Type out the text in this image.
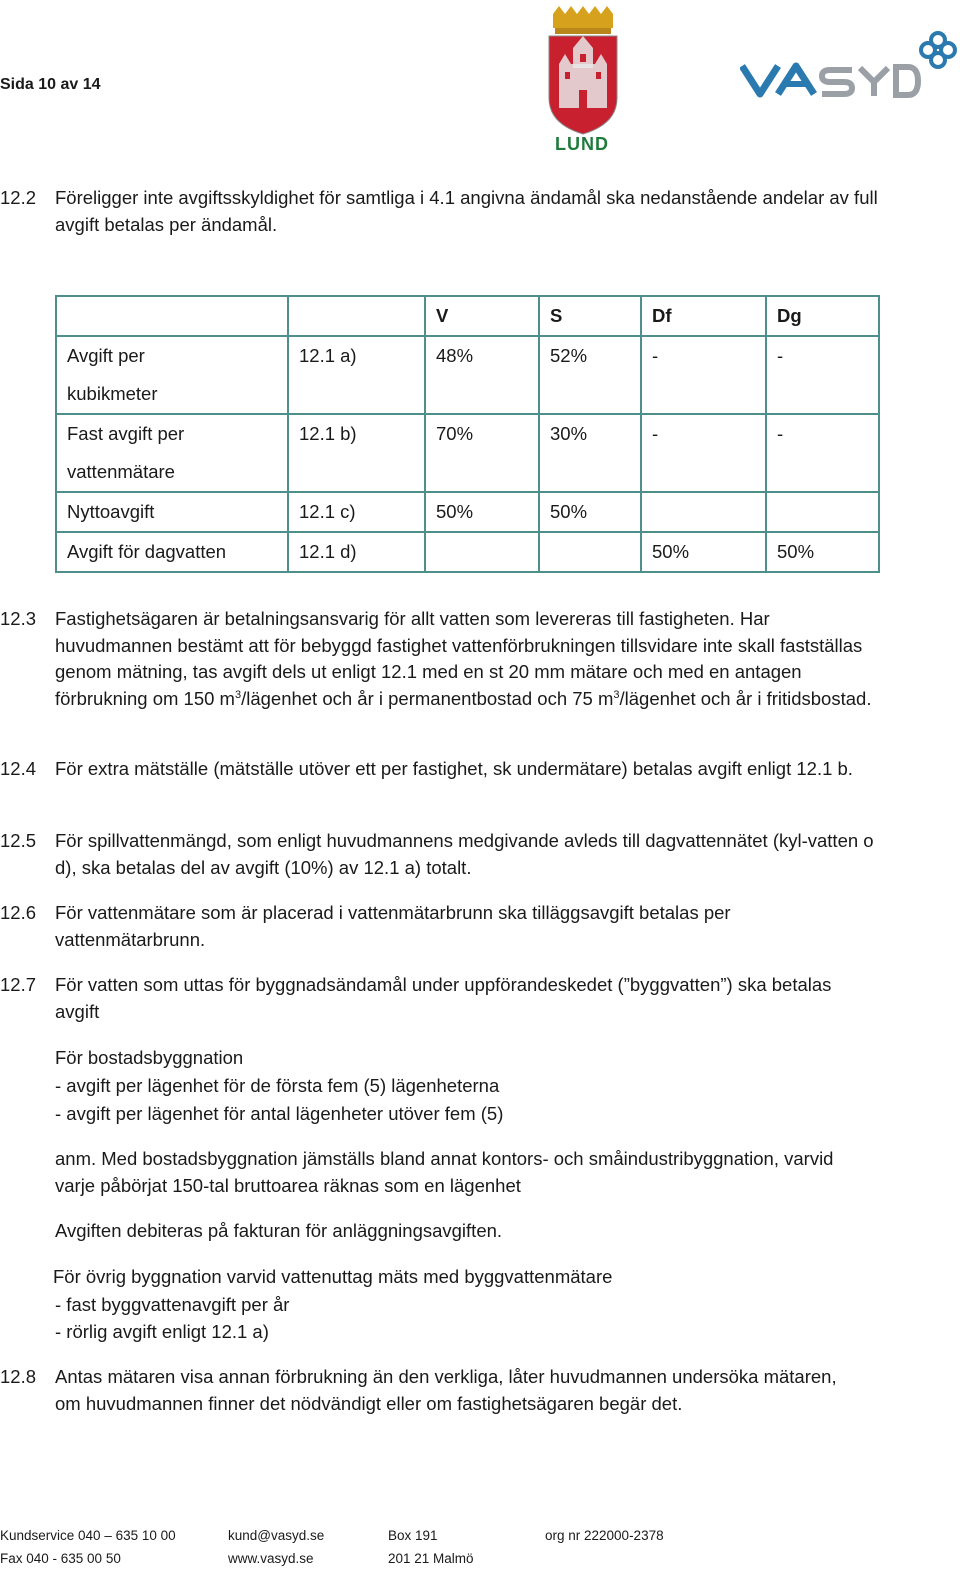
Sida 10 av 14
LUND
12.2 Föreligger inte avgiftsskyldighet för samtliga i 4.1 angivna ändamål ska nedanstående andelar av full avgift betalas per ändamål.
		V	S	Df	Dg

Avgift per kubikmeter	12.1 a)	48%	52%	-	-

Fast avgift per vattenmätare	12.1 b)	70%	30%	-	-
Nyttoavgift	12.1 c)	50%	50%		
Avgift för dagvatten	12.1 d)			50%	50%
12.3 Fastighetsägaren är betalningsansvarig för allt vatten som levereras till fastigheten. Har huvudmannen bestämt att för bebyggd fastighet vattenförbrukningen tillsvidare inte skall fastställas genom mätning, tas avgift dels ut enligt 12.1 med en st 20 mm mätare och med en antagen förbrukning om 150 $m^3$/lägenhet och år i permanentbostad och 75 $m^3$/lägenhet och år i fritidsbostad.
12.4 För extra mätställe (mätställe utöver ett per fastighet, sk undermätare) betalas avgift enligt 12.1 b.
12.5 För spillvattenmängd, som enligt huvudmannens medgivande avleds till dagvattennätet (kyl-vatten o d), ska betalas del av avgift (10%) av 12.1 a) totalt.
12.6 För vattenmätare som är placerad i vattenmätarbrunn ska tilläggsavgift betalas per vattenmätarbrunn.
12.7 För vatten som uttas för byggnadsändamål under uppförandeskedet (”byggvatten”) ska betalas avgift
För bostadsbyggnation
- avgift per lägenhet för de första fem (5) lägenheterna
- avgift per lägenhet för antal lägenheter utöver fem (5)
anm. Med bostadsbyggnation jämställs bland annat kontors- och småindustribyggnation, varvid varje påbörjat 150-tal bruttoarea räknas som en lägenhet
Avgiften debiteras på fakturan för anläggningsavgiften.
För övrig byggnation varvid vattenuttag mäts med byggvattenmätare
- fast byggvattenavgift per år
- rörlig avgift enligt 12.1 a)
12.8 Antas mätaren visa annan förbrukning än den verkliga, låter huvudmannen undersöka mätaren, om huvudmannen finner det nödvändigt eller om fastighetsägaren begär det.
Kundservice 040 – 635 10 00
Fax 040 - 635 00 50
kund@vasyd.se
www.vasyd.se
Box 191
201 21 Malmö
org nr 222000-2378
